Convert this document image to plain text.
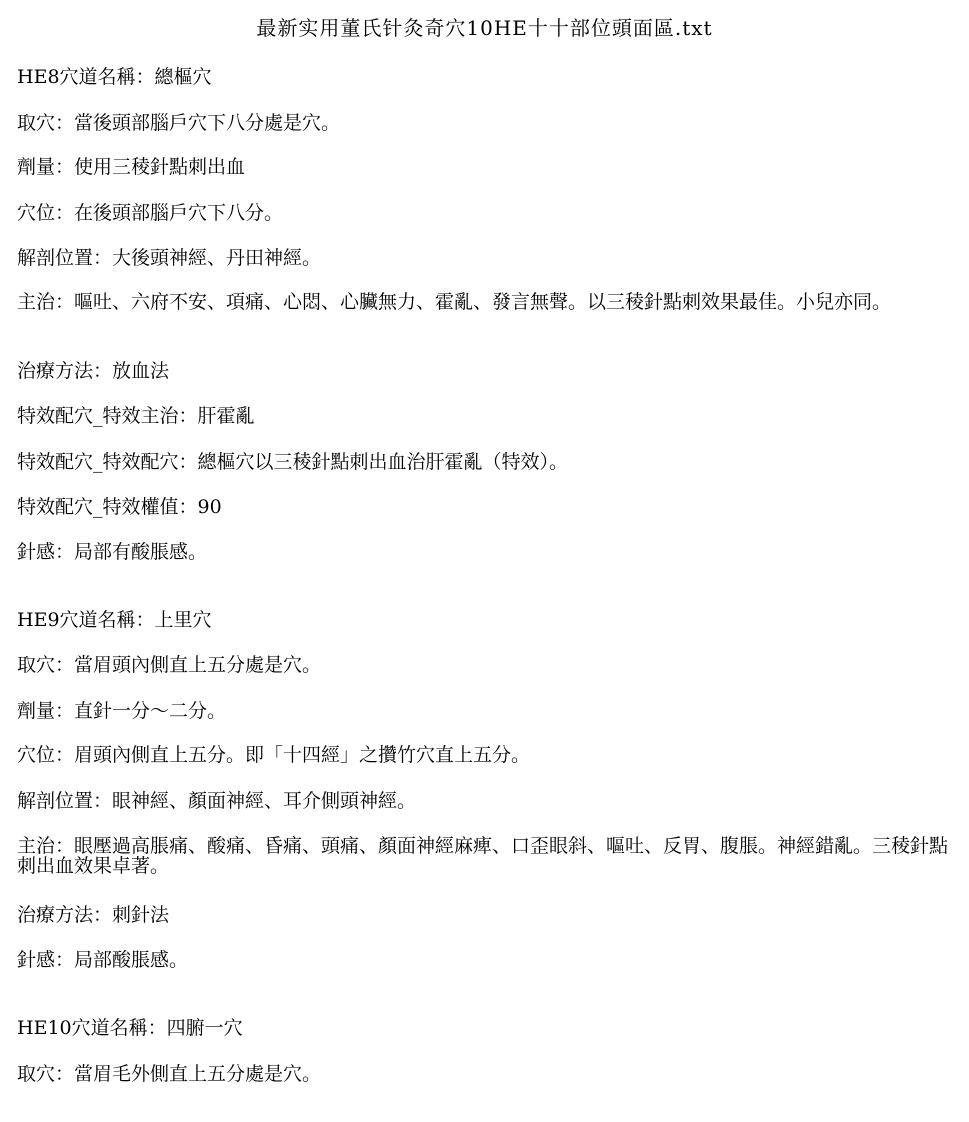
最新实用董氏针灸奇穴10HE十十部位頭面區.txt
HE8穴道名稱：總樞穴
取穴：當後頭部腦戶穴下八分處是穴。
劑量：使用三稜針點刺出血
穴位：在後頭部腦戶穴下八分。
解剖位置：大後頭神經、丹田神經。
主治：嘔吐、六府不安、項痛、心悶、心臟無力、霍亂、發言無聲。以三稜針點刺效果最佳。小兒亦同。
治療方法：放血法
特效配穴_特效主治：肝霍亂
特效配穴_特效配穴：總樞穴以三稜針點刺出血治肝霍亂（特效）。
特效配穴_特效權值：90
針感：局部有酸脹感。
HE9穴道名稱：上里穴
取穴：當眉頭內側直上五分處是穴。
劑量：直針一分～二分。
穴位：眉頭內側直上五分。即「十四經」之攢竹穴直上五分。
解剖位置：眼神經、顏面神經、耳介側頭神經。
主治：眼壓過高脹痛、酸痛、昏痛、頭痛、顏面神經麻痺、口歪眼斜、嘔吐、反胃、腹脹。神經錯亂。三稜針點刺出血效果卓著。
治療方法：刺針法
針感：局部酸脹感。
HE10穴道名稱：四腑一穴
取穴：當眉毛外側直上五分處是穴。
